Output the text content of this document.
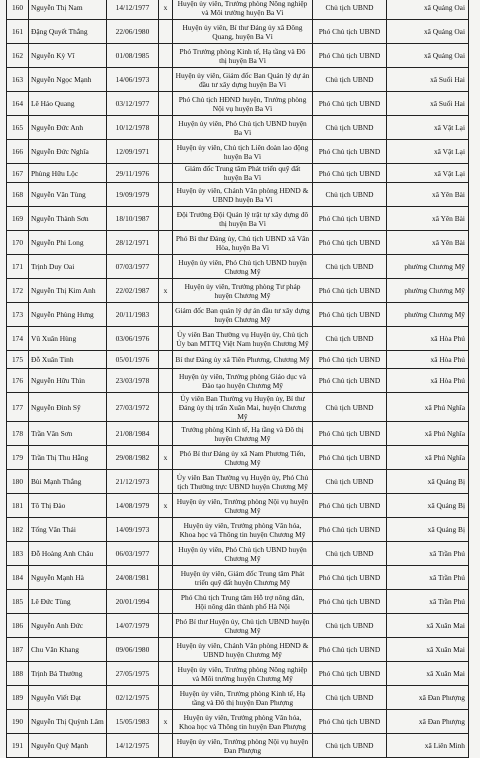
160	Nguyễn Thị Nam	14/12/1977	x	Huyện ủy viên, Trưởng phòng Nông nghiệp và Môi trường huyện Ba Vì	Chủ tịch UBND	xã Quảng Oai
161	Đặng Quyết Thắng	22/06/1980		Huyện ủy viên, Bí thư Đảng ủy xã Đông Quang, huyện Ba Vì	Phó Chủ tịch UBND	xã Quảng Oai
162	Nguyễn Kỳ Vĩ	01/08/1985		Phó Trưởng phòng Kinh tế, Hạ tầng và Đô thị huyện Ba Vì	Phó Chủ tịch UBND	xã Quảng Oai
163	Nguyễn Ngọc Mạnh	14/06/1973		Huyện ủy viên, Giám đốc Ban Quản lý dự án đầu tư xây dựng huyện Ba Vì	Chủ tịch UBND	xã Suối Hai
164	Lê Hảo Quang	03/12/1977		Phó Chủ tịch HĐND huyện, Trưởng phòng Nội vụ huyện Ba Vì	Phó Chủ tịch UBND	xã Suối Hai
165	Nguyễn Đức Anh	10/12/1978		Huyện ủy viên, Phó Chủ tịch UBND huyện Ba Vì	Chủ tịch UBND	xã Vật Lại
166	Nguyễn Đức Nghĩa	12/09/1971		Huyện ủy viên, Chủ tịch Liên đoàn lao động huyện Ba Vì	Phó Chủ tịch UBND	xã Vật Lại
167	Phùng Hữu Lộc	29/11/1976		Giám đốc Trung tâm Phát triển quỹ đất huyện Ba Vì	Phó Chủ tịch UBND	xã Vật Lại
168	Nguyễn Văn Tùng	19/09/1979		Huyện ủy viên, Chánh Văn phòng HĐND & UBND huyện Ba Vì	Chủ tịch UBND	xã Yên Bài
169	Nguyễn Thành Sơn	18/10/1987		Đội Trưởng Đội Quản lý trật tự xây dựng đô thị huyện Ba Vì	Phó Chủ tịch UBND	xã Yên Bài
170	Nguyễn Phi Long	28/12/1971		Phó Bí thư Đảng ủy, Chủ tịch UBND xã Vân Hòa, huyện Ba Vì	Phó Chủ tịch UBND	xã Yên Bài
171	Trịnh Duy Oai	07/03/1977		Huyện ủy viên, Phó Chủ tịch UBND huyện Chương Mỹ	Chủ tịch UBND	phường Chương Mỹ
172	Nguyễn Thị Kim Anh	22/02/1987	x	Huyện ủy viên, Trưởng phòng Tư pháp huyện Chương Mỹ	Phó Chủ tịch UBND	phường Chương Mỹ
173	Nguyễn Phùng Hưng	20/11/1983		Giám đốc Ban quản lý dự án đầu tư xây dựng huyện Chương Mỹ	Phó Chủ tịch UBND	phường Chương Mỹ
174	Vũ Xuân Hùng	03/06/1976		Ủy viên Ban Thường vụ Huyện ủy, Chủ tịch Ủy ban MTTQ Việt Nam huyện Chương Mỹ	Chủ tịch UBND	xã Hòa Phú
175	Đỗ Xuân Tình	05/01/1976		Bí thư Đảng ủy xã Tiên Phương, Chương Mỹ	Phó Chủ tịch UBND	xã Hòa Phú
176	Nguyễn Hữu Thìn	23/03/1978		Huyện ủy viên, Trưởng phòng Giáo dục và Đào tạo huyện Chương Mỹ	Phó Chủ tịch UBND	xã Hòa Phú
177	Nguyễn Đình Sỹ	27/03/1972		Ủy viên Ban Thường vụ Huyện ủy, Bí thư Đảng ủy thị trấn Xuân Mai, huyện Chương Mỹ	Chủ tịch UBND	xã Phú Nghĩa
178	Trần Văn Sơn	21/08/1984		Trưởng phòng Kinh tế, Hạ tầng và Đô thị huyện Chương Mỹ	Phó Chủ tịch UBND	xã Phú Nghĩa
179	Trần Thị Thu Hằng	29/08/1982	x	Phó Bí thư Đảng ủy xã Nam Phương Tiến, Chương Mỹ	Phó Chủ tịch UBND	xã Phú Nghĩa
180	Bùi Mạnh Thắng	21/12/1973		Ủy viên Ban Thường vụ Huyện ủy, Phó Chủ tịch Thường trực UBND huyện Chương Mỹ	Chủ tịch UBND	xã Quảng Bị
181	Tô Thị Đào	14/08/1979	x	Huyện ủy viên, Trưởng phòng Nội vụ huyện Chương Mỹ	Phó Chủ tịch UBND	xã Quảng Bị
182	Tống Văn Thái	14/09/1973		Huyện ủy viên, Trưởng phòng Văn hóa, Khoa học và Thông tin huyện Chương Mỹ	Phó Chủ tịch UBND	xã Quảng Bị
183	Đỗ Hoàng Anh Châu	06/03/1977		Huyện ủy viên, Phó Chủ tịch UBND huyện Chương Mỹ	Chủ tịch UBND	xã Trần Phú
184	Nguyễn Mạnh Hà	24/08/1981		Huyện ủy viên, Giám đốc Trung tâm Phát triển quỹ đất huyện Chương Mỹ	Phó Chủ tịch UBND	xã Trần Phú
185	Lê Đức Tùng	20/01/1994		Phó Chủ tịch Trung tâm Hỗ trợ nông dân, Hội nông dân thành phố Hà Nội	Phó Chủ tịch UBND	xã Trần Phú
186	Nguyễn Anh Đức	14/07/1979		Phó Bí thư Huyện ủy, Chủ tịch UBND huyện Chương Mỹ	Chủ tịch UBND	xã Xuân Mai
187	Chu Văn Khang	09/06/1980		Huyện ủy viên, Chánh Văn phòng HĐND & UBND huyện Chương Mỹ	Phó Chủ tịch UBND	xã Xuân Mai
188	Trịnh Bá Thường	27/05/1975		Huyện ủy viên, Trưởng phòng Nông nghiệp và Môi trường huyện Chương Mỹ	Phó Chủ tịch UBND	xã Xuân Mai
189	Nguyễn Viết Đạt	02/12/1975		Huyện ủy viên, Trưởng phòng Kinh tế, Hạ tầng và Đô thị huyện Đan Phượng	Chủ tịch UBND	xã Đan Phượng
190	Nguyễn Thị Quỳnh Lâm	15/05/1983	x	Huyện ủy viên, Trưởng phòng Văn hóa, Khoa học và Thông tin huyện Đan Phượng	Phó Chủ tịch UBND	xã Đan Phượng
191	Nguyễn Quý Mạnh	14/12/1975		Huyện ủy viên, Trưởng phòng Nội vụ huyện Đan Phượng	Chủ tịch UBND	xã Liên Minh
